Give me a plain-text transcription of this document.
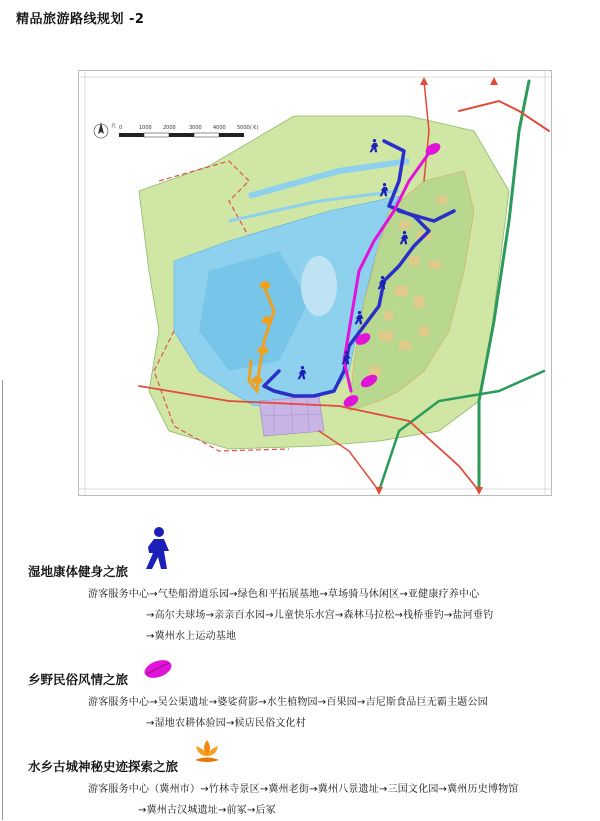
精品旅游路线规划 -2
北 0	1000 2000	3000 4000 5000(米)
湿地康体健身之旅
游客服务中心→气垫船滑道乐园→绿色和平拓展基地→草场骑马休闲区→亚健康疗养中心
→高尔夫球场→亲亲百水园→儿童快乐水宫→森林马拉松→栈桥垂钓→盐河垂钓
→冀州水上运动基地
乡野民俗风情之旅
游客服务中心→吴公渠遗址→婆娑荷影→水生植物园→百果园→吉尼斯食品巨无霸主题公园
→湿地农耕体验园→候店民俗文化村
水乡古城神秘史迹探索之旅
游客服务中心（冀州市）→竹林寺景区→冀州老街→冀州八景遗址→三国文化园→冀州历史博物馆
→冀州古汉城遗址→前冢→后冢
